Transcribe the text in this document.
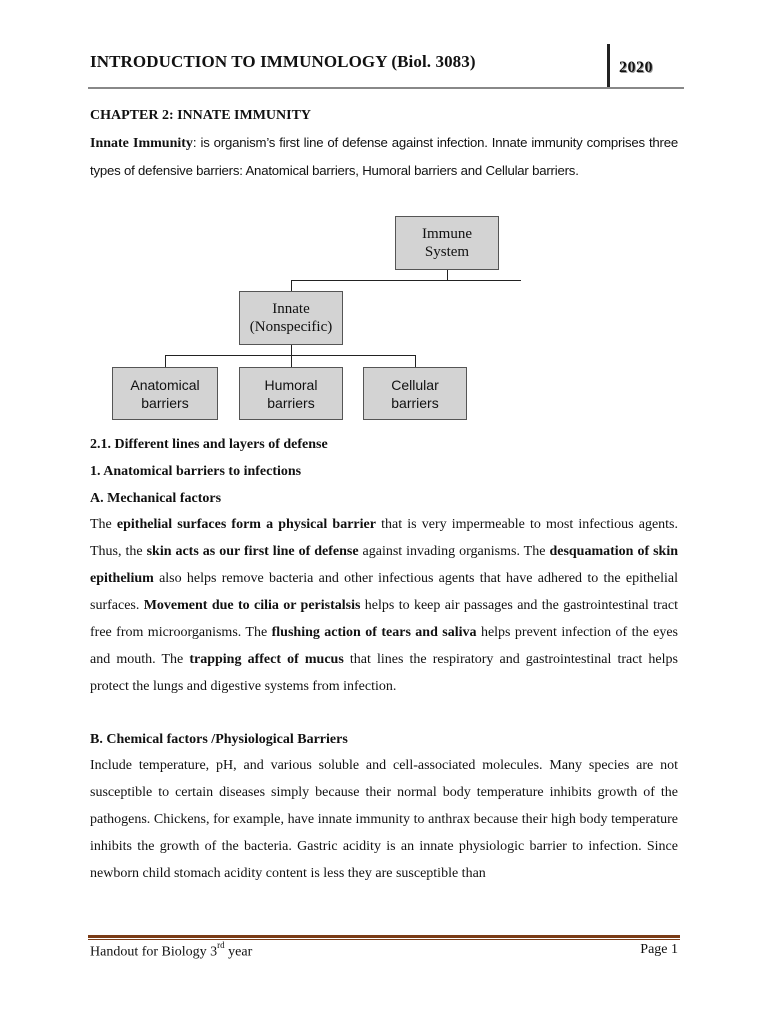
INTRODUCTION TO IMMUNOLOGY (Biol. 3083)	2020
CHAPTER 2: INNATE IMMUNITY

Innate Immunity: is organism’s first line of defense against infection. Innate immunity comprises three types of defensive barriers: Anatomical barriers, Humoral barriers and Cellular barriers.

Immune
System
Innate
(Nonspecific)
Anatomical
barriers
Humoral
barriers
Cellular
barriers
2.1. Different lines and layers of defense
1. Anatomical barriers to infections
A. Mechanical factors

The epithelial surfaces form a physical barrier that is very impermeable to most infectious agents. Thus, the skin acts as our first line of defense against invading organisms. The desquamation of skin epithelium also helps remove bacteria and other infectious agents that have adhered to the epithelial surfaces. Movement due to cilia or peristalsis helps to keep air passages and the gastrointestinal tract free from microorganisms. The flushing action of tears and saliva helps prevent infection of the eyes and mouth. The trapping affect of mucus that lines the respiratory and gastrointestinal tract helps protect the lungs and digestive systems from infection.

B. Chemical factors /Physiological Barriers

Include temperature, pH, and various soluble and cell-associated molecules. Many species are not susceptible to certain diseases simply because their normal body temperature inhibits growth of the pathogens. Chickens, for example, have innate immunity to anthrax because their high body temperature inhibits the growth of the bacteria. Gastric acidity is an innate physiologic barrier to infection. Since newborn child stomach acidity content is less they are susceptible than

Handout for Biology 3rd year	Page 1
